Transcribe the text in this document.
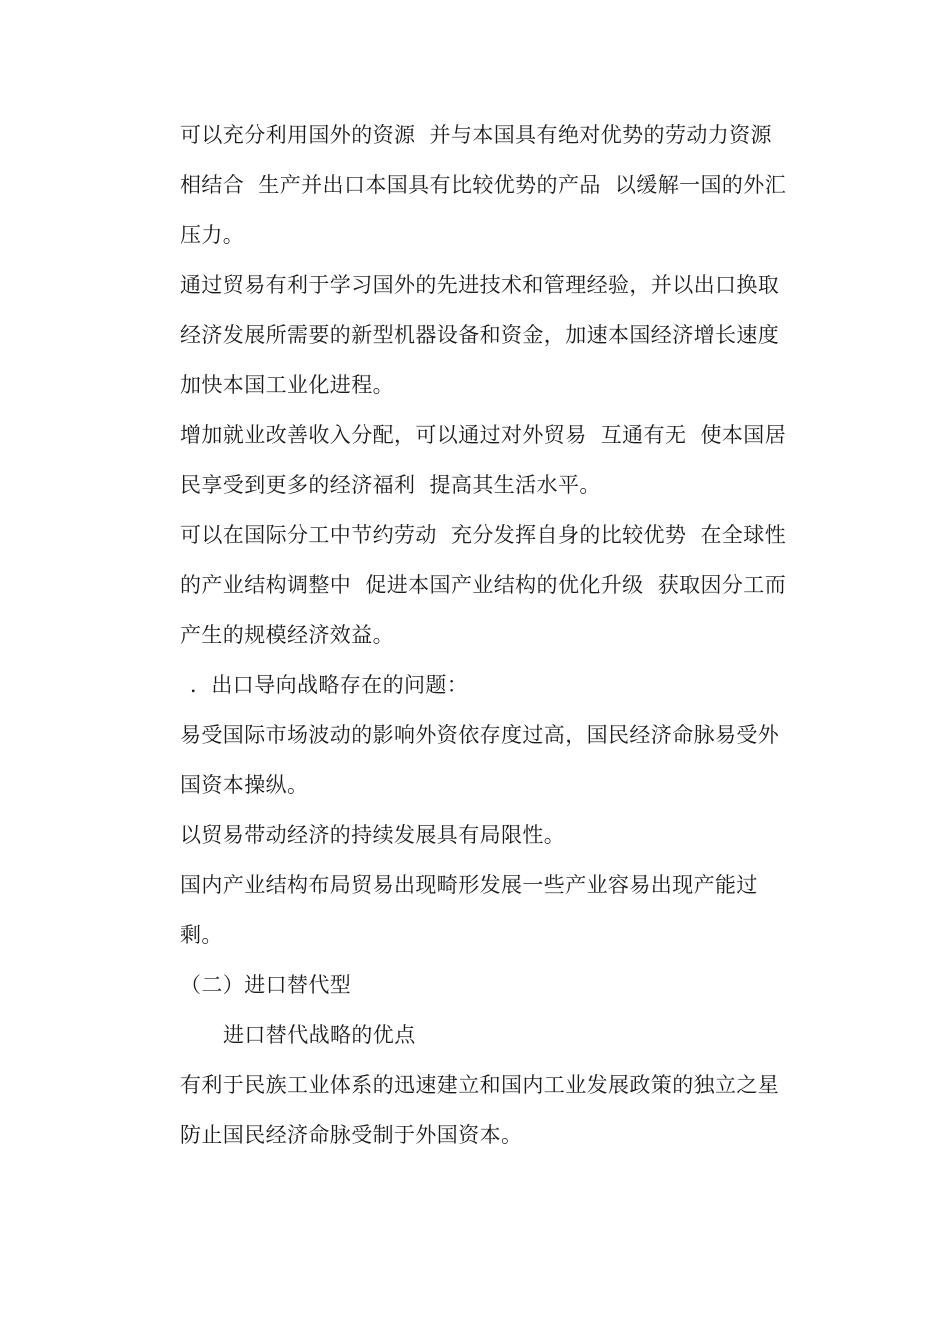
可以充分利用国外的资源  并与本国具有绝对优势的劳动力资源
相结合  生产并出口本国具有比较优势的产品  以缓解一国的外汇
压力。
通过贸易有利于学习国外的先进技术和管理经验，并以出口换取
经济发展所需要的新型机器设备和资金，加速本国经济增长速度
加快本国工业化进程。
增加就业改善收入分配，可以通过对外贸易  互通有无  使本国居
民享受到更多的经济福利  提高其生活水平。
可以在国际分工中节约劳动  充分发挥自身的比较优势  在全球性
的产业结构调整中  促进本国产业结构的优化升级  获取因分工而
产生的规模经济效益。
．出口导向战略存在的问题：
易受国际市场波动的影响外资依存度过高，国民经济命脉易受外
国资本操纵。
以贸易带动经济的持续发展具有局限性。
国内产业结构布局贸易出现畸形发展一些产业容易出现产能过
剩。
（二）进口替代型
进口替代战略的优点
有利于民族工业体系的迅速建立和国内工业发展政策的独立之星
防止国民经济命脉受制于外国资本。
